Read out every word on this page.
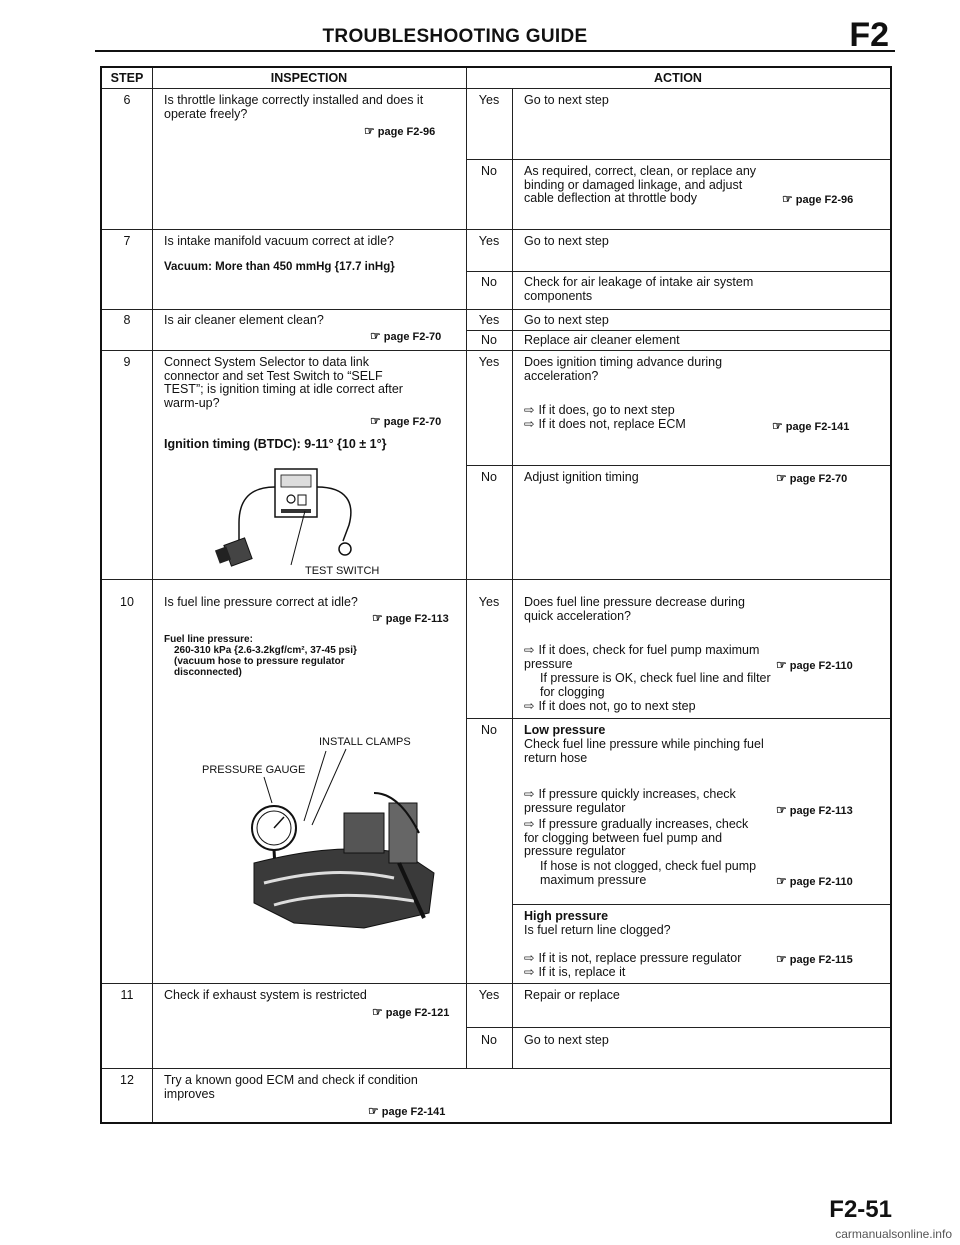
TROUBLESHOOTING GUIDE	F2
STEP	INSPECTION	ACTION
6	Is throttle linkage correctly installed and does it operate freely?
☞ page F2-96
Yes	Go to next step
No	As required, correct, clean, or replace any binding or damaged linkage, and adjust cable deflection at throttle body	☞ page F2-96
7	Is intake manifold vacuum correct at idle?
Vacuum: More than 450 mmHg {17.7 inHg}
Yes	Go to next step
No	Check for air leakage of intake air system components
8	Is air cleaner element clean?
☞ page F2-70
Yes	Go to next step
No	Replace air cleaner element
9	Connect System Selector to data link connector and set Test Switch to “SELF TEST”; is ignition timing at idle correct after warm-up?
☞ page F2-70
Ignition timing (BTDC): 9-11° {10 ± 1°}
TEST SWITCH
Yes	Does ignition timing advance during acceleration?
⇨ If it does, go to next step
⇨ If it does not, replace ECM	☞ page F2-141
No	Adjust ignition timing	☞ page F2-70
10	Is fuel line pressure correct at idle?
☞ page F2-113
Fuel line pressure:
260-310 kPa {2.6-3.2kgf/cm², 37-45 psi}
(vacuum hose to pressure regulator disconnected)
INSTALL CLAMPS
PRESSURE GAUGE
Yes	Does fuel line pressure decrease during quick acceleration?
⇨ If it does, check for fuel pump maximum pressure	☞ page F2-110
If pressure is OK, check fuel line and filter for clogging
⇨ If it does not, go to next step
No	Low pressure
Check fuel line pressure while pinching fuel return hose
⇨ If pressure quickly increases, check pressure regulator	☞ page F2-113
⇨ If pressure gradually increases, check for clogging between fuel pump and pressure regulator
If hose is not clogged, check fuel pump maximum pressure	☞ page F2-110
High pressure
Is fuel return line clogged?
⇨ If it is not, replace pressure regulator	☞ page F2-115
⇨ If it is, replace it
11	Check if exhaust system is restricted
☞ page F2-121
Yes	Repair or replace
No	Go to next step
12	Try a known good ECM and check if condition improves
☞ page F2-141
F2-51
carmanualsonline.info
